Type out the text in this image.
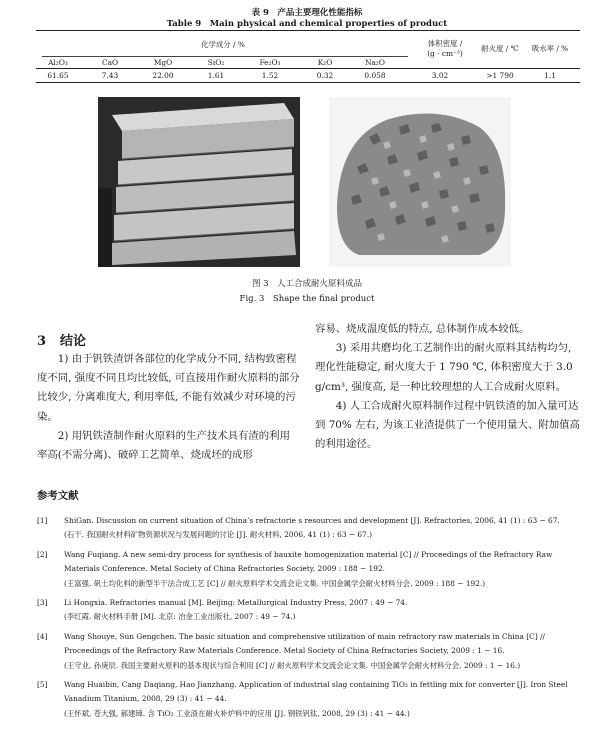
表 9　产品主要理化性能指标
Table 9　Main physical and chemical properties of product
化学成分 / %	体积密度 /
(g · cm⁻³)
耐火度 / ℃	吸水率 / %
Al₂O₃	CaO	MgO	SiO₂	Fe₂O₃	K₂O	Na₂O
61.65	7.43	22.00	1.61	1.52	0.32	0.058	3.02	>1 790	1.1
图 3　人工合成耐火原料成品
Fig. 3　Shape the final product
3 结论

1) 由于钒铁渣饼各部位的化学成分不同, 结构致密程度不同, 强度不同且均比较低, 可直接用作耐火原料的部分比较少, 分离难度大, 利用率低, 不能有效减少对环境的污染。

2) 用钒铁渣制作耐火原料的生产技术具有渣的利用率高(不需分离)、破碎工艺简单、烧成坯的成形

容易、烧成温度低的特点, 总体制作成本较低。

3) 采用共磨均化工艺制作出的耐火原料其结构均匀, 理化性能稳定, 耐火度大于 1 790 ℃, 体积密度大于 3.0 g/cm³, 强度高, 是一种比较理想的人工合成耐火原料。

4) 人工合成耐火原料制作过程中钒铁渣的加入量可达到 70% 左右, 为该工业渣提供了一个使用量大、附加值高的利用途径。

参考文献
[1] ShiGan. Discussion on current situation of China’s refractorie s resources and development [J]. Refractories, 2006, 41 (1) : 63 − 67.
(石干. 我国耐火材料矿物资源状况与发展问题的讨论 [J]. 耐火材料, 2006, 41 (1) : 63 − 67.)
[2] Wang Fuqiang. A new semi-dry process for synthesis of bauxite homogenization material [C] // Proceedings of the Refractory Raw Materials Conference. Metal Society of China Refractories Society, 2009 : 188 − 192.
(王富强. 矾土均化料的新型半干法合成工艺 [C] // 耐火原料学术交流会论文集. 中国金属学会耐火材料分会, 2009 : 188 − 192.)
[3] Li Hongxia. Refractories manual [M]. Beijing: Metallurgical Industry Press, 2007 : 49 − 74.
(李红霞. 耐火材料手册 [M]. 北京: 冶金工业出版社, 2007 : 49 − 74.)
[4] Wang Shouye, Sun Gengchen. The basic situation and comprehensive utilization of main refractory raw materials in China [C] // Proceedings of the Refractory Raw Materials Conference. Metal Society of China Refractories Society, 2009 : 1 − 16.
(王守业, 孙庚辰. 我国主要耐火原料的基本现状与综合利用 [C] // 耐火原料学术交流会论文集. 中国金属学会耐火材料分会, 2009 : 1 − 16.)
[5] Wang Huaibin, Cang Daqiang, Hao Jianzhang. Application of industrial slag containing TiO₂ in fettling mix for converter [J]. Iron Steel Vanadium Titanium, 2008, 29 (3) : 41 − 44.
(王怀斌, 苍大强, 郝建璋. 含 TiO₂ 工业渣在耐火补炉料中的应用 [J]. 钢铁钒钛, 2008, 29 (3) : 41 − 44.)
